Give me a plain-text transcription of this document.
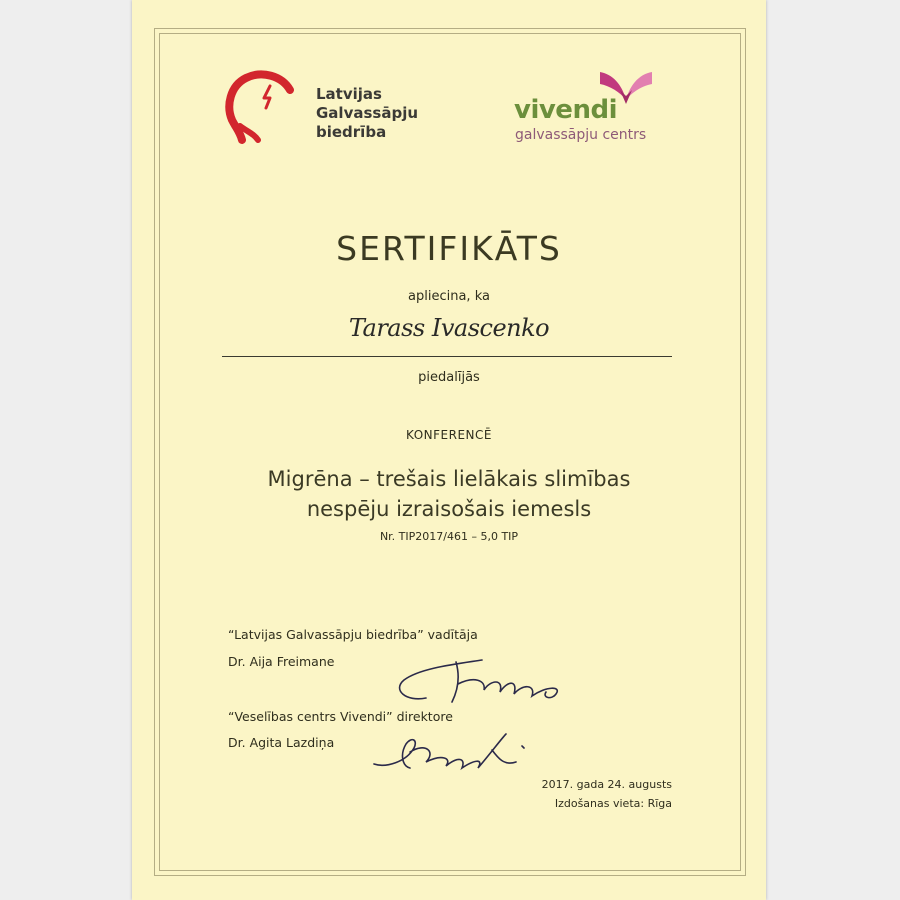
Latvijas
Galvassāpju
biedrība
vivendi
galvassāpju centrs
SERTIFIKĀTS
apliecina, ka
Tarass Ivascenko
piedalījās
KONFERENCĒ
Migrēna – trešais lielākais slimības
nespēju izraisošais iemesls
Nr. TIP2017/461 – 5,0 TIP
“Latvijas Galvassāpju biedrība” vadītāja
Dr. Aija Freimane
“Veselības centrs Vivendi” direktore
Dr. Agita Lazdiņa
2017. gada 24. augusts
Izdošanas vieta: Rīga
